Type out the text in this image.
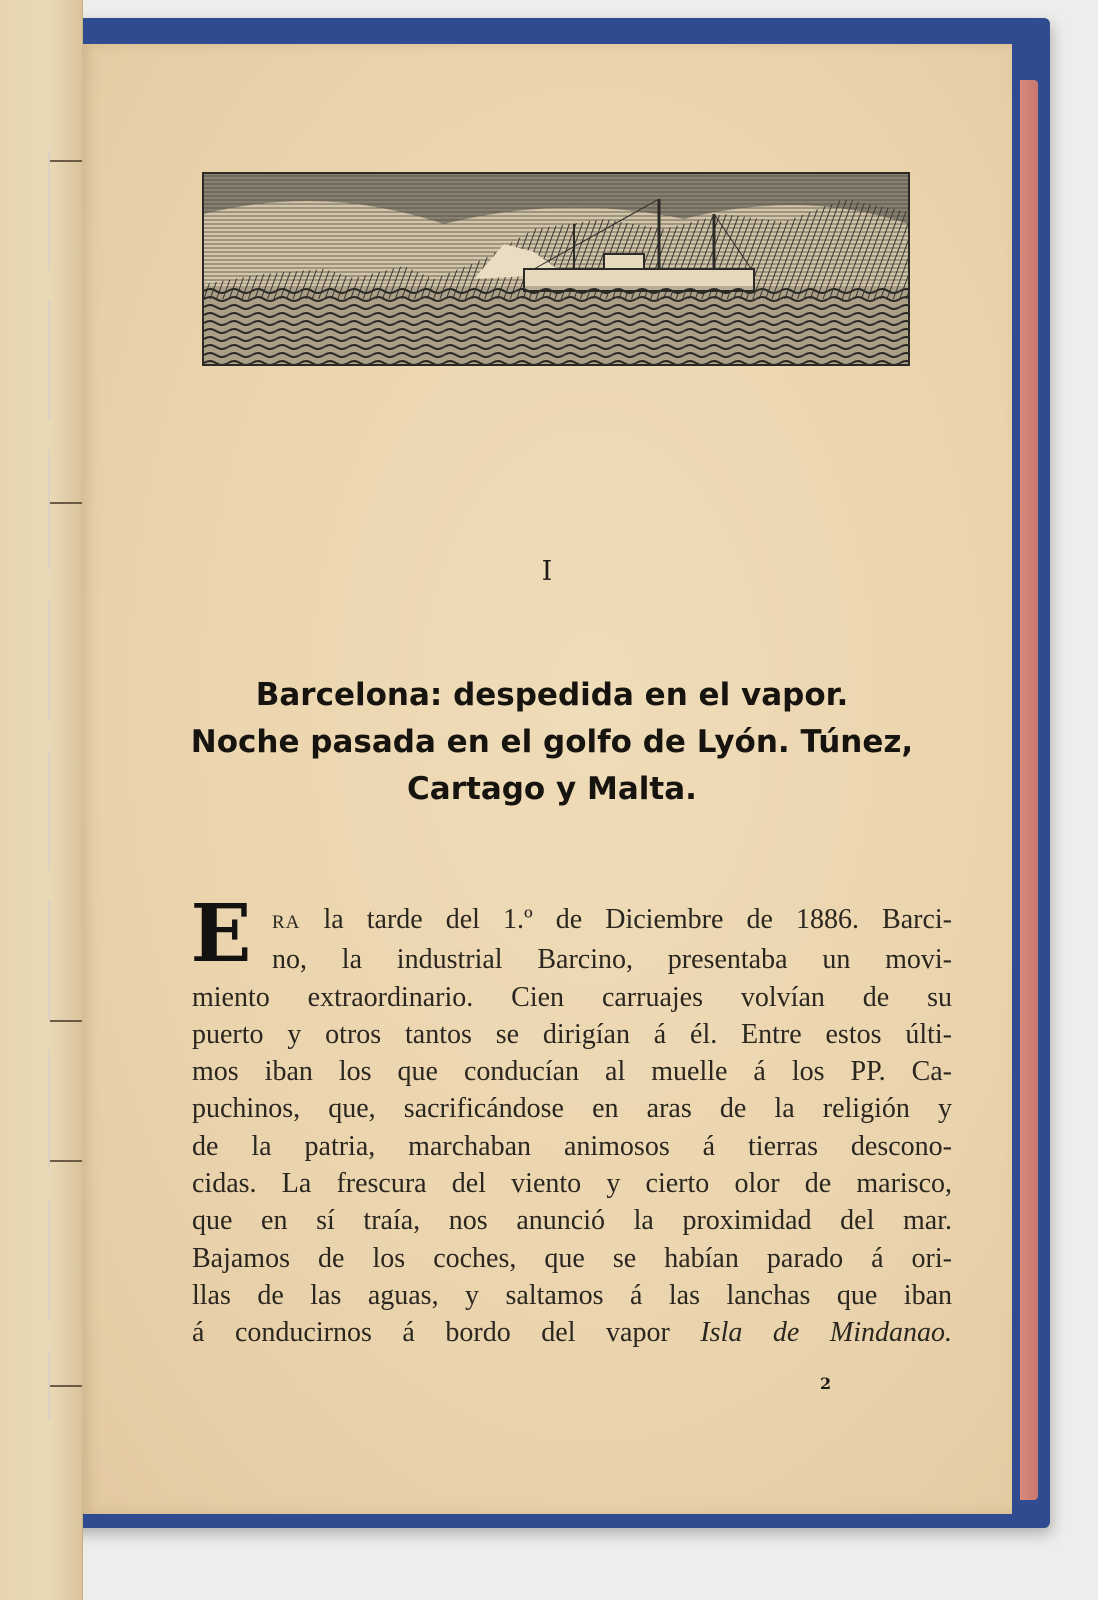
I
Barcelona: despedida en el vapor.
Noche pasada en el golfo de Lyón. Túnez,
Cartago y Malta.
E	RA la tarde del 1.º de Diciembre de 1886. Barci-
no, la industrial Barcino, presentaba un movi-
miento extraordinario. Cien carruajes volvían de su
puerto y otros tantos se dirigían á él. Entre estos últi-
mos iban los que conducían al muelle á los PP. Ca-
puchinos, que, sacrificándose en aras de la religión y
de la patria, marchaban animosos á tierras descono-
cidas. La frescura del viento y cierto olor de marisco,
que en sí traía, nos anunció la proximidad del mar.
Bajamos de los coches, que se habían parado á ori-
llas de las aguas, y saltamos á las lanchas que iban
á conducirnos á bordo del vapor Isla de Mindanao.
2
